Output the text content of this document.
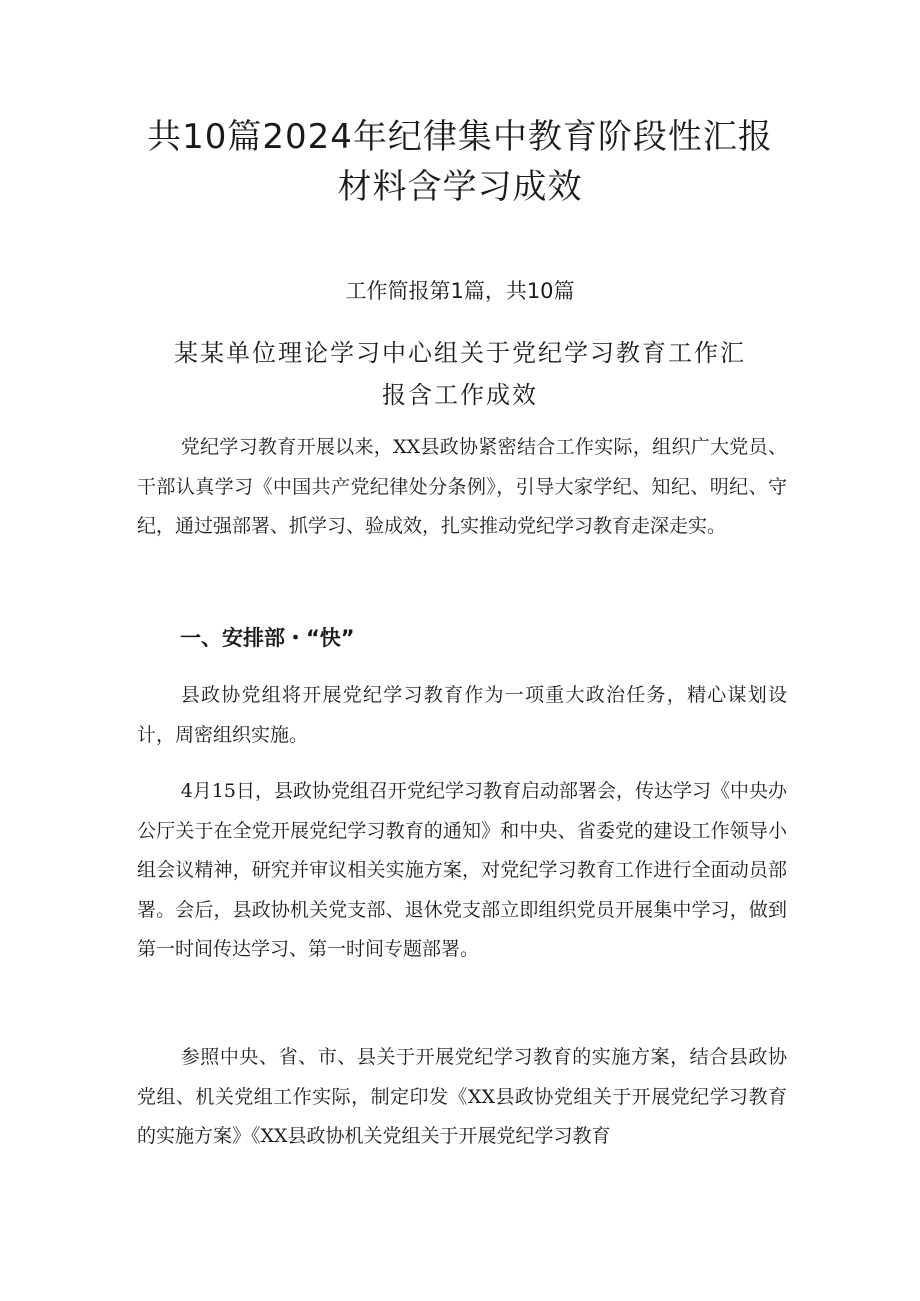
共10篇2024年纪律集中教育阶段性汇报
材料含学习成效
工作简报第1篇，共10篇
某某单位理论学习中心组关于党纪学习教育工作汇
报含工作成效

党纪学习教育开展以来，XX县政协紧密结合工作实际，组织广大党员、干部认真学习《中国共产党纪律处分条例》，引导大家学纪、知纪、明纪、守纪，通过强部署、抓学习、验成效，扎实推动党纪学习教育走深走实。

一、安排部・“快”

县政协党组将开展党纪学习教育作为一项重大政治任务，精心谋划设计，周密组织实施。

4月15日，县政协党组召开党纪学习教育启动部署会，传达学习《中央办公厅关于在全党开展党纪学习教育的通知》和中央、省委党的建设工作领导小组会议精神，研究并审议相关实施方案，对党纪学习教育工作进行全面动员部署。会后，县政协机关党支部、退休党支部立即组织党员开展集中学习，做到第一时间传达学习、第一时间专题部署。

参照中央、省、市、县关于开展党纪学习教育的实施方案，结合县政协党组、机关党组工作实际，制定印发《XX县政协党组关于开展党纪学习教育的实施方案》《XX县政协机关党组关于开展党纪学习教育
